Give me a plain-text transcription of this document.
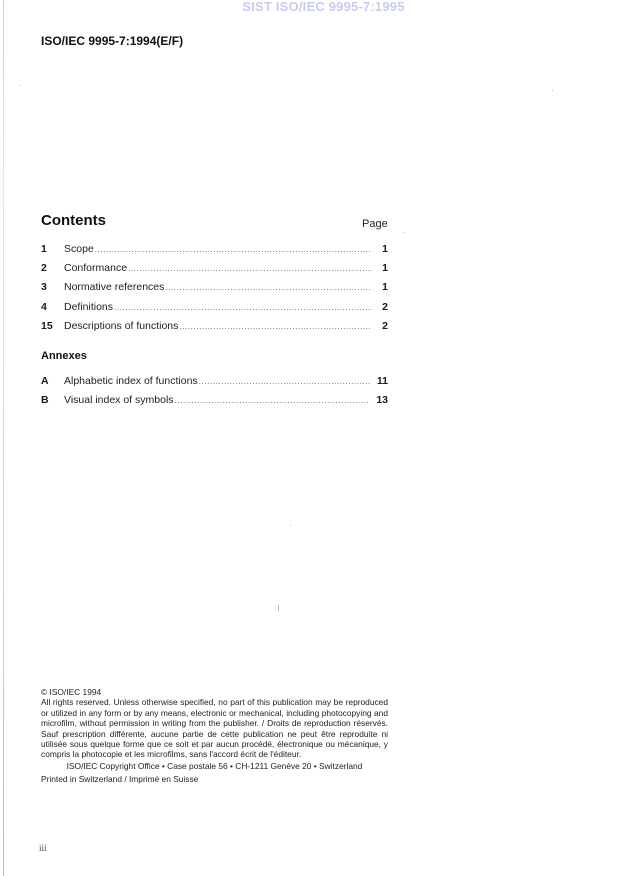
SIST ISO/IEC 9995-7:1995
ISO/IEC 9995-7:1994(E/F)
Contents	Page
1	Scope .....	1
2	Conformance .....	1
3	Normative references .....	1
4	Definitions .....	2
15	Descriptions of functions .....	2
Annexes
A	Alphabetic index of functions .....	11
B	Visual index of symbols .....	13
© ISO/IEC 1994
All rights reserved. Unless otherwise specified, no part of this publication may be reproduced or utilized in any form or by any means, electronic or mechanical, including photocopying and microfilm, without permission in writing from the publisher. / Droits de reproduction réservés. Sauf prescription différente, aucune partie de cette publication ne peut être reproduite ni utilisée sous quelque forme que ce soit et par aucun procédé, électronique ou mécanique, y compris la photocopie et les microfilms, sans l'accord écrit de l'éditeur.
ISO/IEC Copyright Office • Case postale 56 • CH-1211 Genève 20 • Switzerland
Printed in Switzerland / Imprimé en Suisse
iii
